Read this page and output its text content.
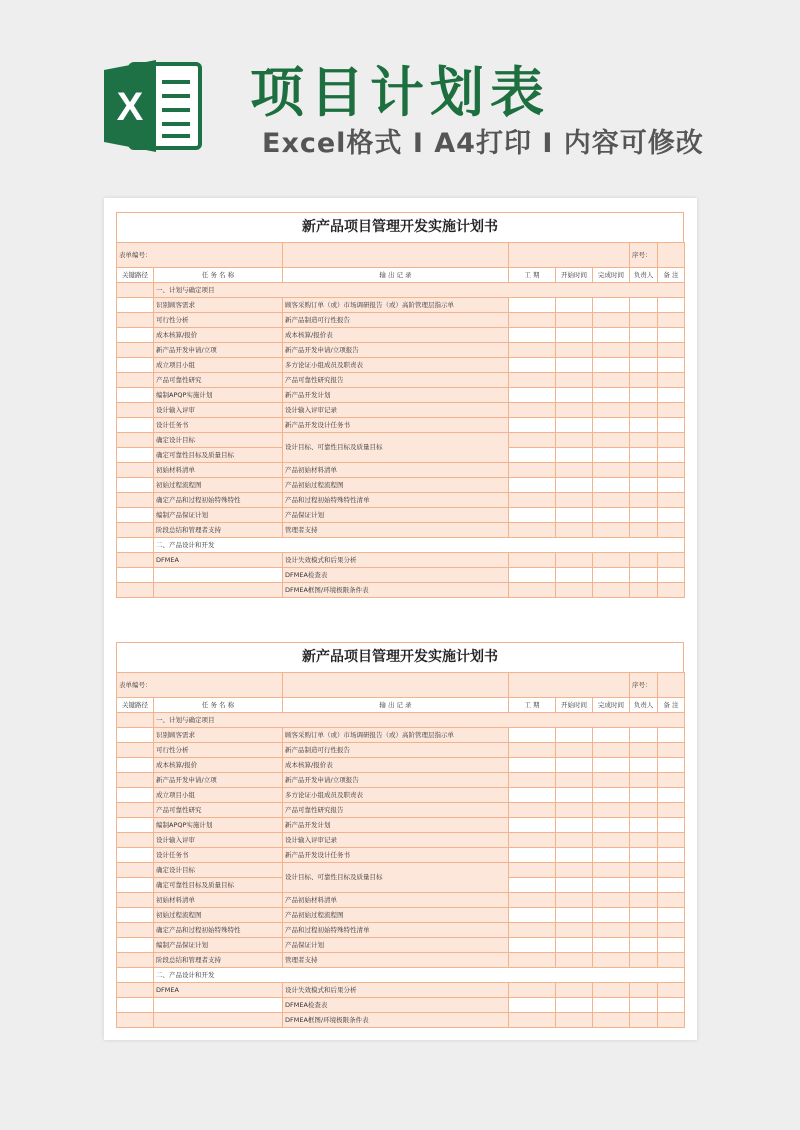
X 项目计划表

Excel格式 I A4打印 I 内容可修改

新产品项目管理开发实施计划书
表单编号：						序号：	
关键路径	任 务 名 称	输 出 记 录	工 期	开始时间	完成时间	负责人	备 注
	一、计划与确定项目						
	识别顾客需求	顾客采购订单（或）市场调研报告（或）高阶管理层指示单					
	可行性分析	新产品制造可行性报告					
	成本核算/报价	成本核算/报价表					
	新产品开发申请/立项	新产品开发申请/立项报告					
	成立项目小组	多方论证小组成员及职责表					
	产品可靠性研究	产品可靠性研究报告					
	编制APQP实施计划	新产品开发计划					
	设计输入评审	设计输入评审记录					
	设计任务书	新产品开发设计任务书					
	确定设计目标	设计目标、可靠性目标及质量目标					
	确定可靠性目标及质量目标						
	初始材料清单	产品初始材料清单					
	初始过程流程图	产品初始过程流程图					
	确定产品和过程初始特殊特性	产品和过程初始特殊特性清单					
	编制产品保证计划	产品保证计划					
	阶段总结和管理者支持	管理者支持					
	二、产品设计和开发						
	DFMEA	设计失效模式和后果分析					
		DFMEA检查表					
		DFMEA框图/环境极限条件表					
新产品项目管理开发实施计划书
表单编号：						序号：	
关键路径	任 务 名 称	输 出 记 录	工 期	开始时间	完成时间	负责人	备 注
	一、计划与确定项目						
	识别顾客需求	顾客采购订单（或）市场调研报告（或）高阶管理层指示单					
	可行性分析	新产品制造可行性报告					
	成本核算/报价	成本核算/报价表					
	新产品开发申请/立项	新产品开发申请/立项报告					
	成立项目小组	多方论证小组成员及职责表					
	产品可靠性研究	产品可靠性研究报告					
	编制APQP实施计划	新产品开发计划					
	设计输入评审	设计输入评审记录					
	设计任务书	新产品开发设计任务书					
	确定设计目标	设计目标、可靠性目标及质量目标					
	确定可靠性目标及质量目标						
	初始材料清单	产品初始材料清单					
	初始过程流程图	产品初始过程流程图					
	确定产品和过程初始特殊特性	产品和过程初始特殊特性清单					
	编制产品保证计划	产品保证计划					
	阶段总结和管理者支持	管理者支持					
	二、产品设计和开发						
	DFMEA	设计失效模式和后果分析					
		DFMEA检查表					
		DFMEA框图/环境极限条件表					
